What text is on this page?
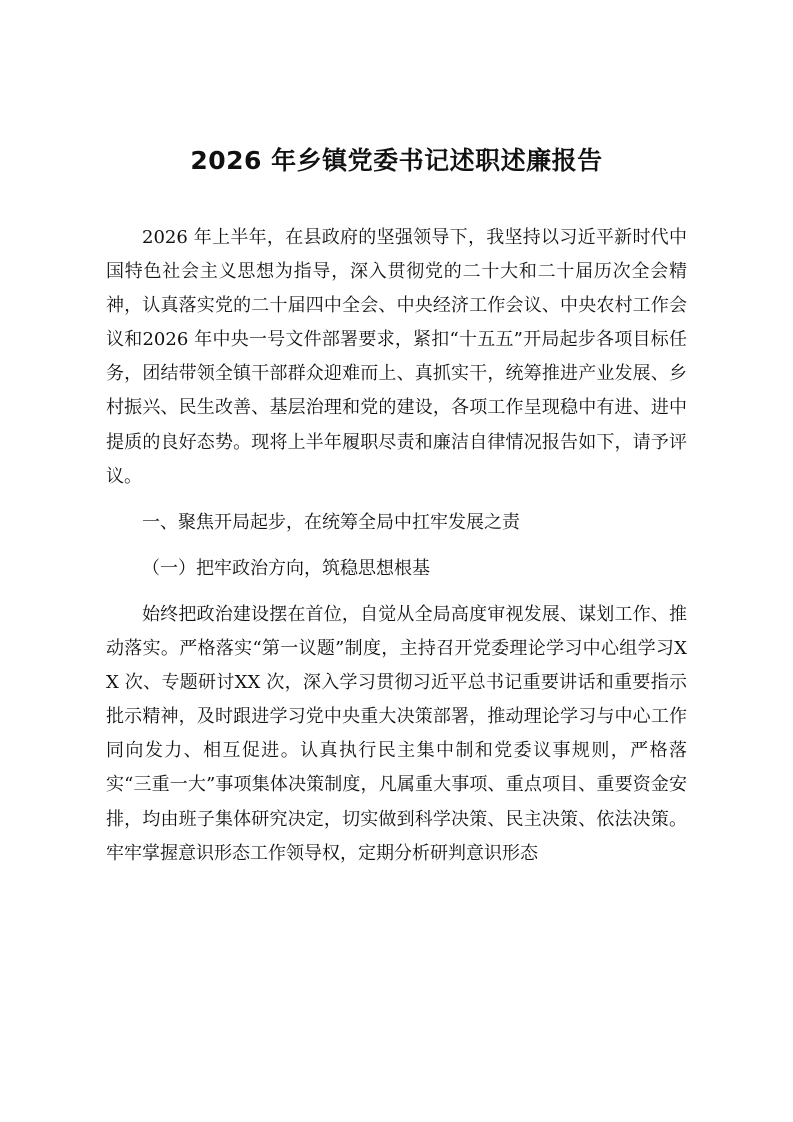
2026 年乡镇党委书记述职述廉报告

2026 年上半年，在县政府的坚强领导下，我坚持以习近平新时代中国特色社会主义思想为指导，深入贯彻党的二十大和二十届历次全会精神，认真落实党的二十届四中全会、中央经济工作会议、中央农村工作会议和2026 年中央一号文件部署要求，紧扣“十五五”开局起步各项目标任务，团结带领全镇干部群众迎难而上、真抓实干，统筹推进产业发展、乡村振兴、民生改善、基层治理和党的建设，各项工作呈现稳中有进、进中提质的良好态势。现将上半年履职尽责和廉洁自律情况报告如下，请予评议。

一、聚焦开局起步，在统筹全局中扛牢发展之责

（一）把牢政治方向，筑稳思想根基

始终把政治建设摆在首位，自觉从全局高度审视发展、谋划工作、推动落实。严格落实“第一议题”制度，主持召开党委理论学习中心组学习XX 次、专题研讨XX 次，深入学习贯彻习近平总书记重要讲话和重要指示批示精神，及时跟进学习党中央重大决策部署，推动理论学习与中心工作同向发力、相互促进。认真执行民主集中制和党委议事规则，严格落实“三重一大”事项集体决策制度，凡属重大事项、重点项目、重要资金安排，均由班子集体研究决定，切实做到科学决策、民主决策、依法决策。牢牢掌握意识形态工作领导权，定期分析研判意识形态
